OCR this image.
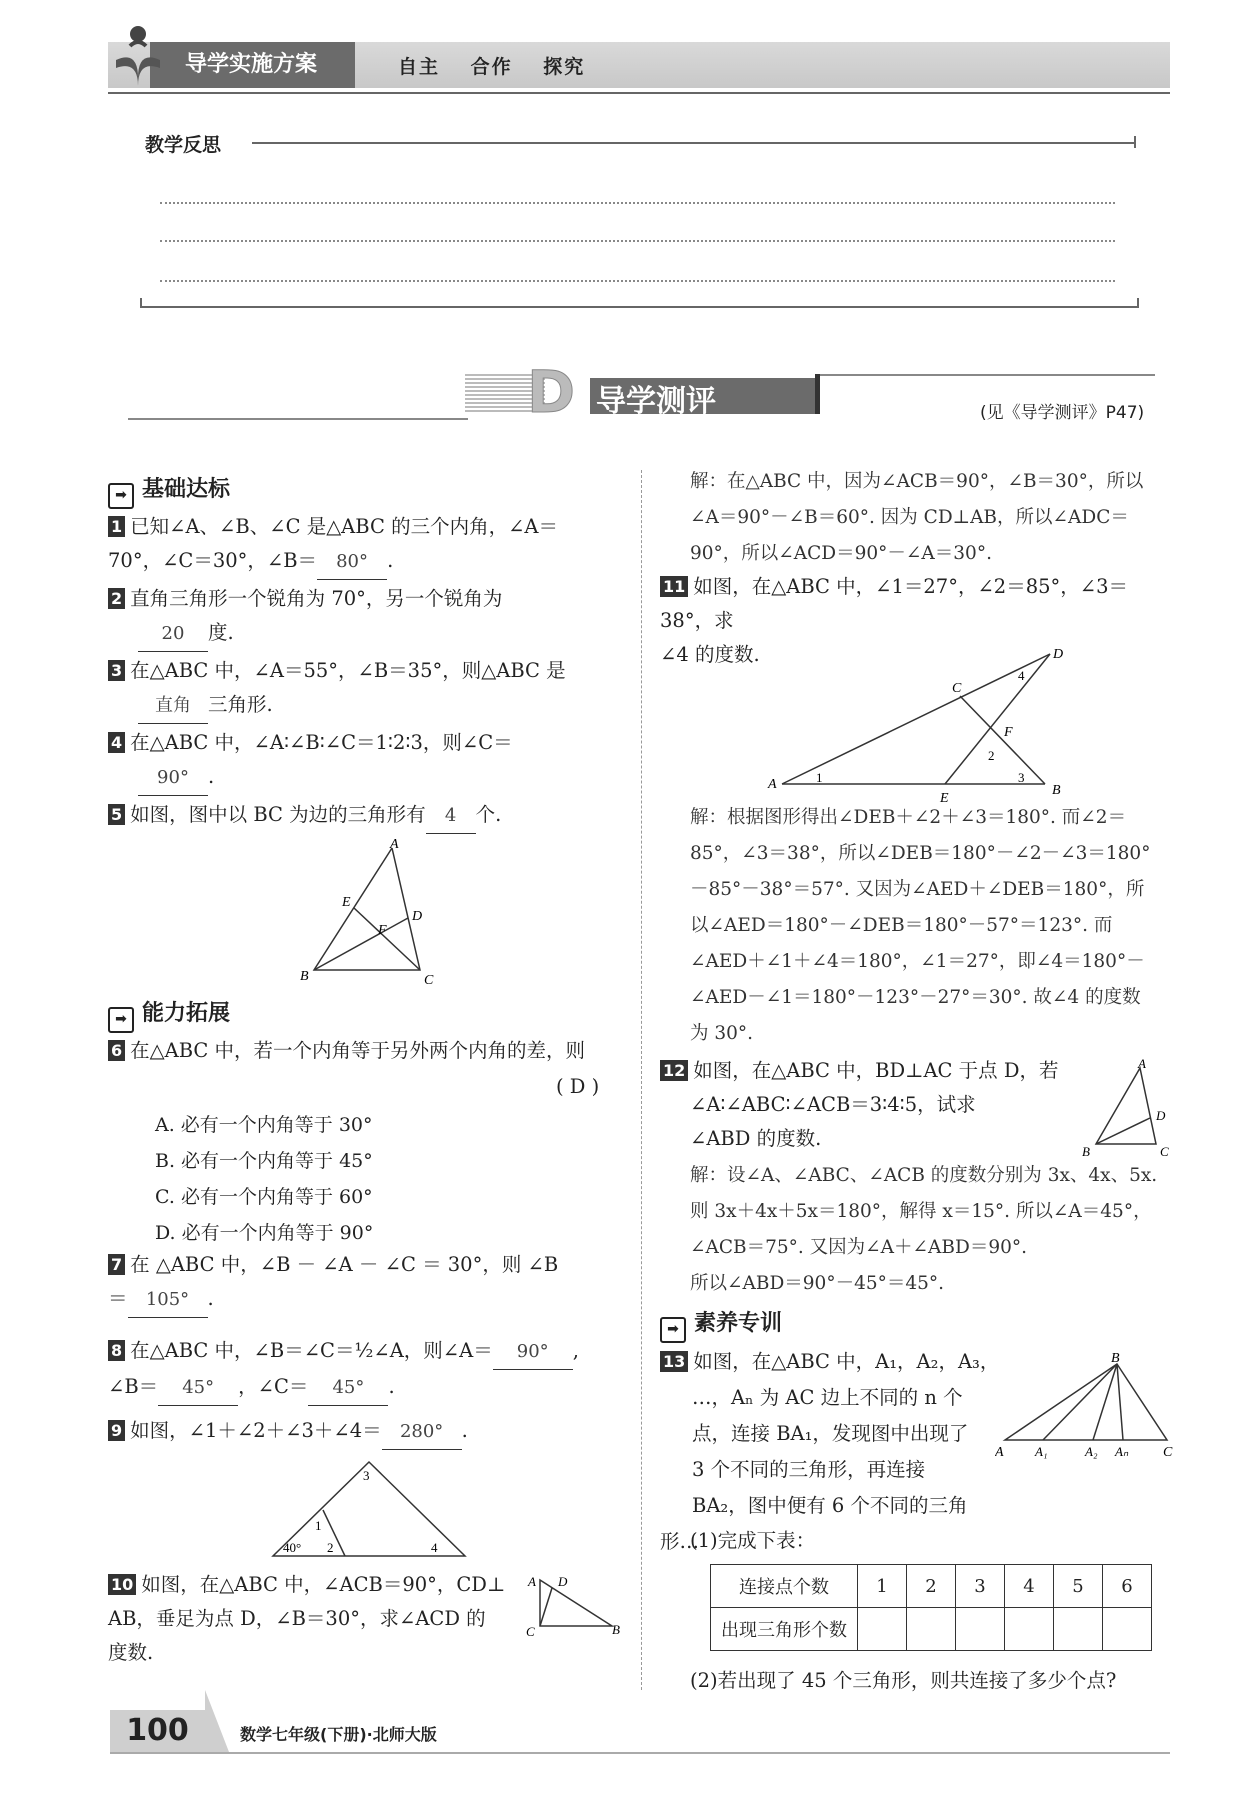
导学实施方案	自主 合作 探究
教学反思
D 导学测评	(见《导学测评》P47)
➡ 基础达标
1 已知∠A、∠B、∠C 是△ABC 的三个内角，∠A＝
70°，∠C＝30°，∠B＝ 80° .
2 直角三角形一个锐角为 70°，另一个锐角为
20 度.
3 在△ABC 中，∠A＝55°，∠B＝35°，则△ABC 是
直角 三角形.
4 在△ABC 中，∠A∶∠B∶∠C＝1∶2∶3，则∠C＝
90° .
5 如图，图中以 BC 为边的三角形有 4 个.
A
E
F
D
B	C
➡ 能力拓展
6 在△ABC 中，若一个内角等于另外两个内角的差，则
( D )
A. 必有一个内角等于 30°
B. 必有一个内角等于 45°
C. 必有一个内角等于 60°
D. 必有一个内角等于 90°
7 在 △ABC 中，∠B － ∠A － ∠C ＝ 30°，则 ∠B
＝ 105° .
8 在△ABC 中，∠B＝∠C＝½∠A，则∠A＝ 90° ,
∠B＝ 45° ，∠C＝ 45° .
9 如图，∠1＋∠2＋∠3＋∠4＝ 280° .
3
1
40° 2	4
10 如图，在△ABC 中，∠ACB＝90°，CD⊥
AB，垂足为点 D，∠B＝30°，求∠ACD 的
度数.
A D
C	B
解：在△ABC 中，因为∠ACB＝90°，∠B＝30°，所以
∠A＝90°－∠B＝60°. 因为 CD⊥AB，所以∠ADC＝
90°，所以∠ACD＝90°－∠A＝30°.
11 如图，在△ABC 中，∠1＝27°，∠2＝85°，∠3＝38°，求
∠4 的度数.	D
C
4
F
2
A	1
E
3
B
解：根据图形得出∠DEB＋∠2＋∠3＝180°. 而∠2＝
85°，∠3＝38°，所以∠DEB＝180°－∠2－∠3＝180°
－85°－38°＝57°. 又因为∠AED＋∠DEB＝180°，所
以∠AED＝180°－∠DEB＝180°－57°＝123°. 而
∠AED＋∠1＋∠4＝180°，∠1＝27°，即∠4＝180°－
∠AED－∠1＝180°－123°－27°＝30°. 故∠4 的度数
为 30°.
12 如图，在△ABC 中，BD⊥AC 于点 D，若
∠A∶∠ABC∶∠ACB＝3∶4∶5，试求
∠ABD 的度数.
A
D
B	C
解：设∠A、∠ABC、∠ACB 的度数分别为 3x、4x、5x.
则 3x＋4x＋5x＝180°，解得 x＝15°. 所以∠A＝45°，
∠ACB＝75°. 又因为∠A＋∠ABD＝90°.
所以∠ABD＝90°－45°＝45°.
➡ 素养专训
13 如图，在△ABC 中，A₁，A₂，A₃，
…，Aₙ 为 AC 边上不同的 n 个
点，连接 BA₁，发现图中出现了
3 个不同的三角形，再连接
BA₂，图中便有 6 个不同的三角形…
B
A A₁	A₂ Aₙ C
(1)完成下表：
连接点个数	1	2	3	4	5	6
出现三角形个数						
(2)若出现了 45 个三角形，则共连接了多少个点?
100	数学七年级(下册)·北师大版
